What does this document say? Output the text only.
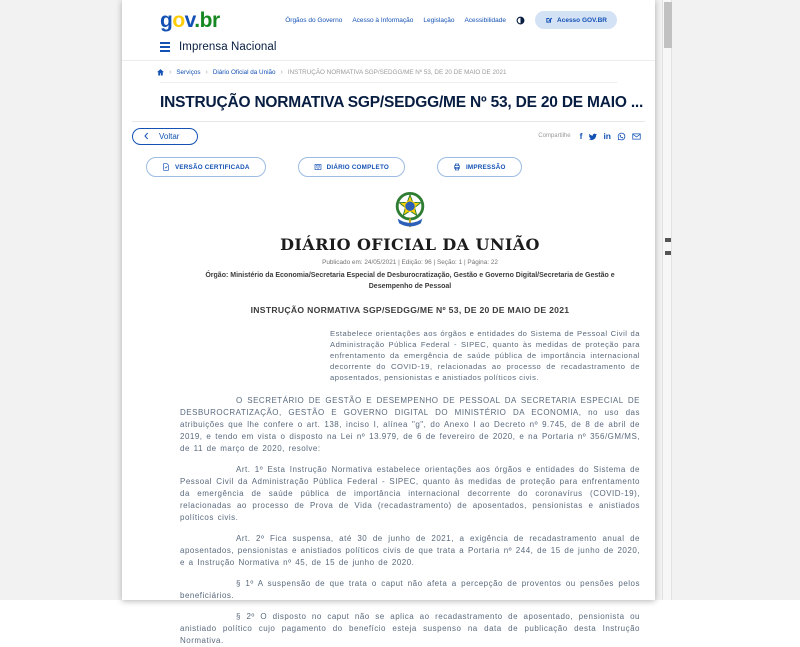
gov.br	Órgãos do Governo Acesso à Informação Legislação Acessibilidade	Acesso GOV.BR
Imprensa Nacional
› Serviços › Diário Oficial da União › INSTRUÇÃO NORMATIVA SGP/SEDGG/ME Nº 53, DE 20 DE MAIO DE 2021
INSTRUÇÃO NORMATIVA SGP/SEDGG/ME Nº 53, DE 20 DE MAIO ...
Voltar	Compartilhe f in
VERSÃO CERTIFICADA	DIÁRIO COMPLETO	IMPRESSÃO
DIÁRIO OFICIAL DA UNIÃO
Publicado em: 24/05/2021 | Edição: 96 | Seção: 1 | Página: 22
Órgão: Ministério da Economia/Secretaria Especial de Desburocratização, Gestão e Governo Digital/Secretaria de Gestão e Desempenho de Pessoal
INSTRUÇÃO NORMATIVA SGP/SEDGG/ME Nº 53, DE 20 DE MAIO DE 2021
Estabelece orientações aos órgãos e entidades do Sistema de Pessoal Civil da Administração Pública Federal - SIPEC, quanto às medidas de proteção para enfrentamento da emergência de saúde pública de importância internacional decorrente do COVID-19, relacionadas ao processo de recadastramento de aposentados, pensionistas e anistiados políticos civis.

O SECRETÁRIO DE GESTÃO E DESEMPENHO DE PESSOAL DA SECRETARIA ESPECIAL DE DESBUROCRATIZAÇÃO, GESTÃO E GOVERNO DIGITAL DO MINISTÉRIO DA ECONOMIA, no uso das atribuições que lhe confere o art. 138, inciso I, alínea "g", do Anexo I ao Decreto nº 9.745, de 8 de abril de 2019, e tendo em vista o disposto na Lei nº 13.979, de 6 de fevereiro de 2020, e na Portaria nº 356/GM/MS, de 11 de março de 2020, resolve:

Art. 1º Esta Instrução Normativa estabelece orientações aos órgãos e entidades do Sistema de Pessoal Civil da Administração Pública Federal - SIPEC, quanto às medidas de proteção para enfrentamento da emergência de saúde pública de importância internacional decorrente do coronavírus (COVID-19), relacionadas ao processo de Prova de Vida (recadastramento) de aposentados, pensionistas e anistiados políticos civis.

Art. 2º Fica suspensa, até 30 de junho de 2021, a exigência de recadastramento anual de aposentados, pensionistas e anistiados políticos civis de que trata a Portaria nº 244, de 15 de junho de 2020, e a Instrução Normativa nº 45, de 15 de junho de 2020.

§ 1º A suspensão de que trata o caput não afeta a percepção de proventos ou pensões pelos beneficiários.

§ 2º O disposto no caput não se aplica ao recadastramento de aposentado, pensionista ou anistiado político cujo pagamento do benefício esteja suspenso na data de publicação desta Instrução Normativa.
